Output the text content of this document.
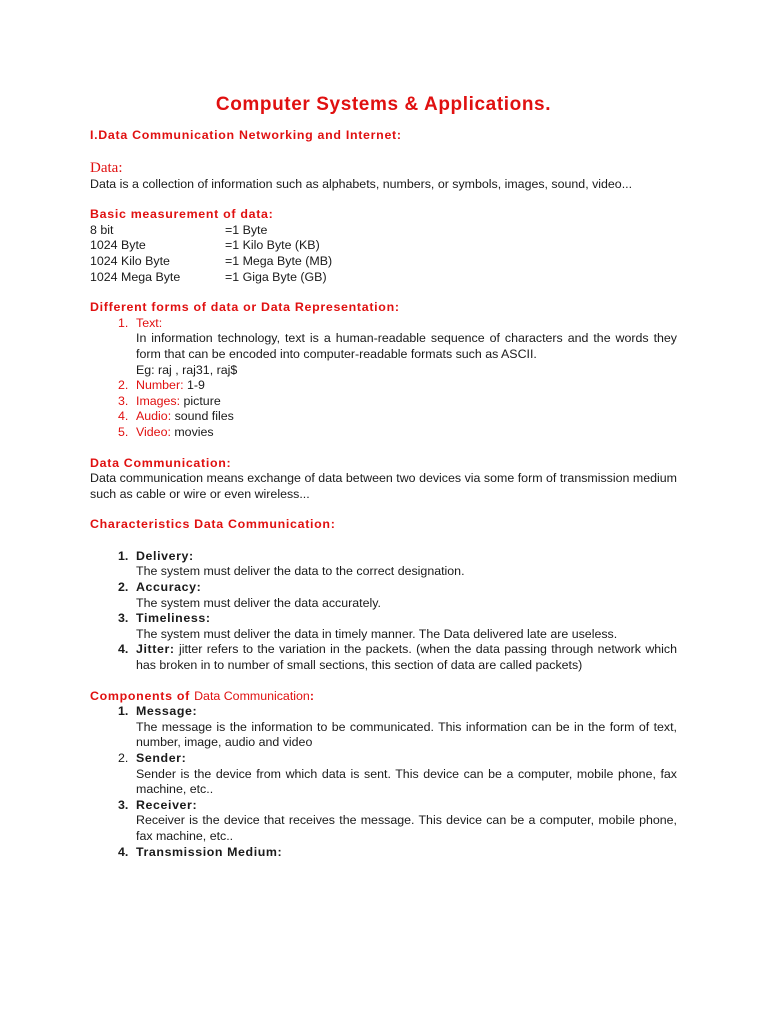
Computer Systems & Applications.

I.Data Communication Networking and Internet:

Data:

Data is a collection of information such as alphabets, numbers, or symbols, images, sound, video...

Basic measurement of data:

8 bit	=1 Byte
1024 Byte	=1 Kilo Byte (KB)
1024 Kilo Byte	=1 Mega Byte (MB)
1024 Mega Byte	=1 Giga Byte (GB)

Different forms of data or Data Representation:

1. Text:

In information technology, text is a human-readable sequence of characters and the words they form that can be encoded into computer-readable formats such as ASCII.

Eg: raj , raj31, raj$

2. Number: 1-9
3. Images: picture
4. Audio: sound files
5. Video: movies

Data Communication:

Data communication means exchange of data between two devices via some form of transmission medium such as cable or wire or even wireless...

Characteristics Data Communication:

1. Delivery:

The system must deliver the data to the correct designation.

2. Accuracy:

The system must deliver the data accurately.

3. Timeliness:

The system must deliver the data in timely manner. The Data delivered late are useless.

4. Jitter: jitter refers to the variation in the packets. (when the data passing through network which has broken in to number of small sections, this section of data are called packets)

Components of Data Communication:

1. Message:

The message is the information to be communicated. This information can be in the form of text, number, image, audio and video

2. Sender:

Sender is the device from which data is sent. This device can be a computer, mobile phone, fax machine, etc..

3. Receiver:

Receiver is the device that receives the message. This device can be a computer, mobile phone, fax machine, etc..

4. Transmission Medium:
